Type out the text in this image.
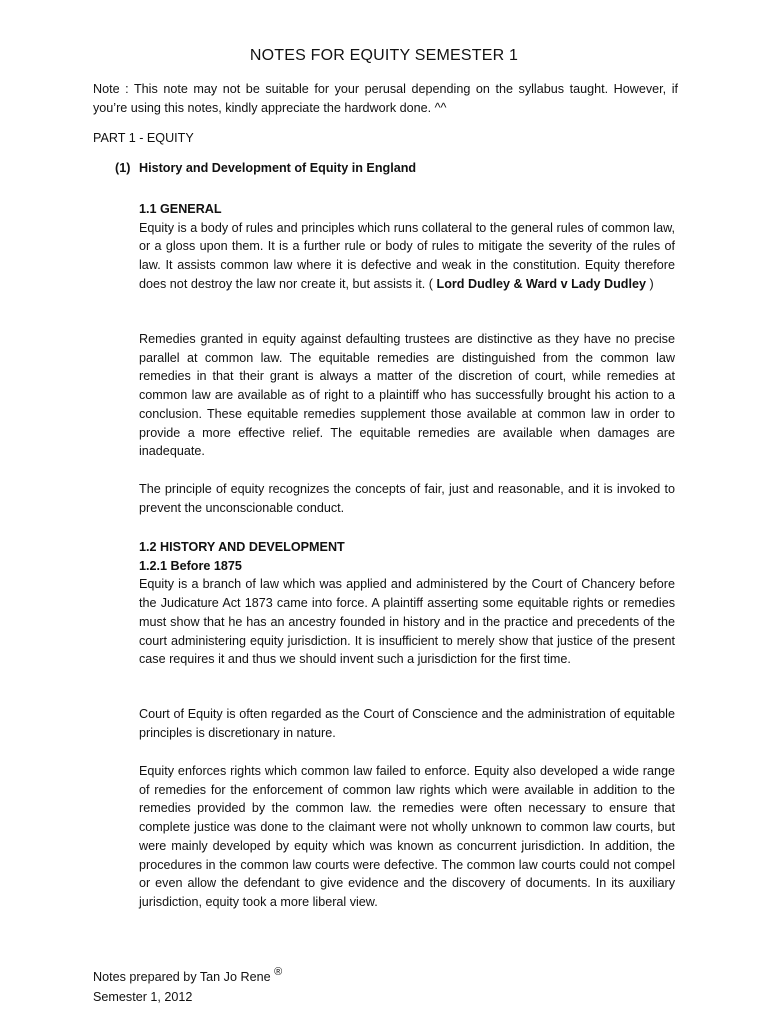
NOTES FOR EQUITY SEMESTER 1
Note : This note may not be suitable for your perusal depending on the syllabus taught. However, if you’re using this notes, kindly appreciate the hardwork done. ^^
PART 1 - EQUITY
(1) History and Development of Equity in England

1.1 GENERAL

Equity is a body of rules and principles which runs collateral to the general rules of common law, or a gloss upon them. It is a further rule or body of rules to mitigate the severity of the rules of law. It assists common law where it is defective and weak in the constitution. Equity therefore does not destroy the law nor create it, but assists it. ( Lord Dudley & Ward v Lady Dudley )

Remedies granted in equity against defaulting trustees are distinctive as they have no precise parallel at common law. The equitable remedies are distinguished from the common law remedies in that their grant is always a matter of the discretion of court, while remedies at common law are available as of right to a plaintiff who has successfully brought his action to a conclusion. These equitable remedies supplement those available at common law in order to provide a more effective relief. The equitable remedies are available when damages are inadequate.
The principle of equity recognizes the concepts of fair, just and reasonable, and it is invoked to prevent the unconscionable conduct.

1.2 HISTORY AND DEVELOPMENT

1.2.1 Before 1875

Equity is a branch of law which was applied and administered by the Court of Chancery before the Judicature Act 1873 came into force. A plaintiff asserting some equitable rights or remedies must show that he has an ancestry founded in history and in the practice and precedents of the court administering equity jurisdiction. It is insufficient to merely show that justice of the present case requires it and thus we should invent such a jurisdiction for the first time.

Court of Equity is often regarded as the Court of Conscience and the administration of equitable principles is discretionary in nature.
Equity enforces rights which common law failed to enforce. Equity also developed a wide range of remedies for the enforcement of common law rights which were available in addition to the remedies provided by the common law. the remedies were often necessary to ensure that complete justice was done to the claimant were not wholly unknown to common law courts, but were mainly developed by equity which was known as concurrent jurisdiction. In addition, the procedures in the common law courts were defective. The common law courts could not compel or even allow the defendant to give evidence and the discovery of documents. In its auxiliary jurisdiction, equity took a more liberal view.
Notes prepared by Tan Jo Rene ®
Semester 1, 2012
